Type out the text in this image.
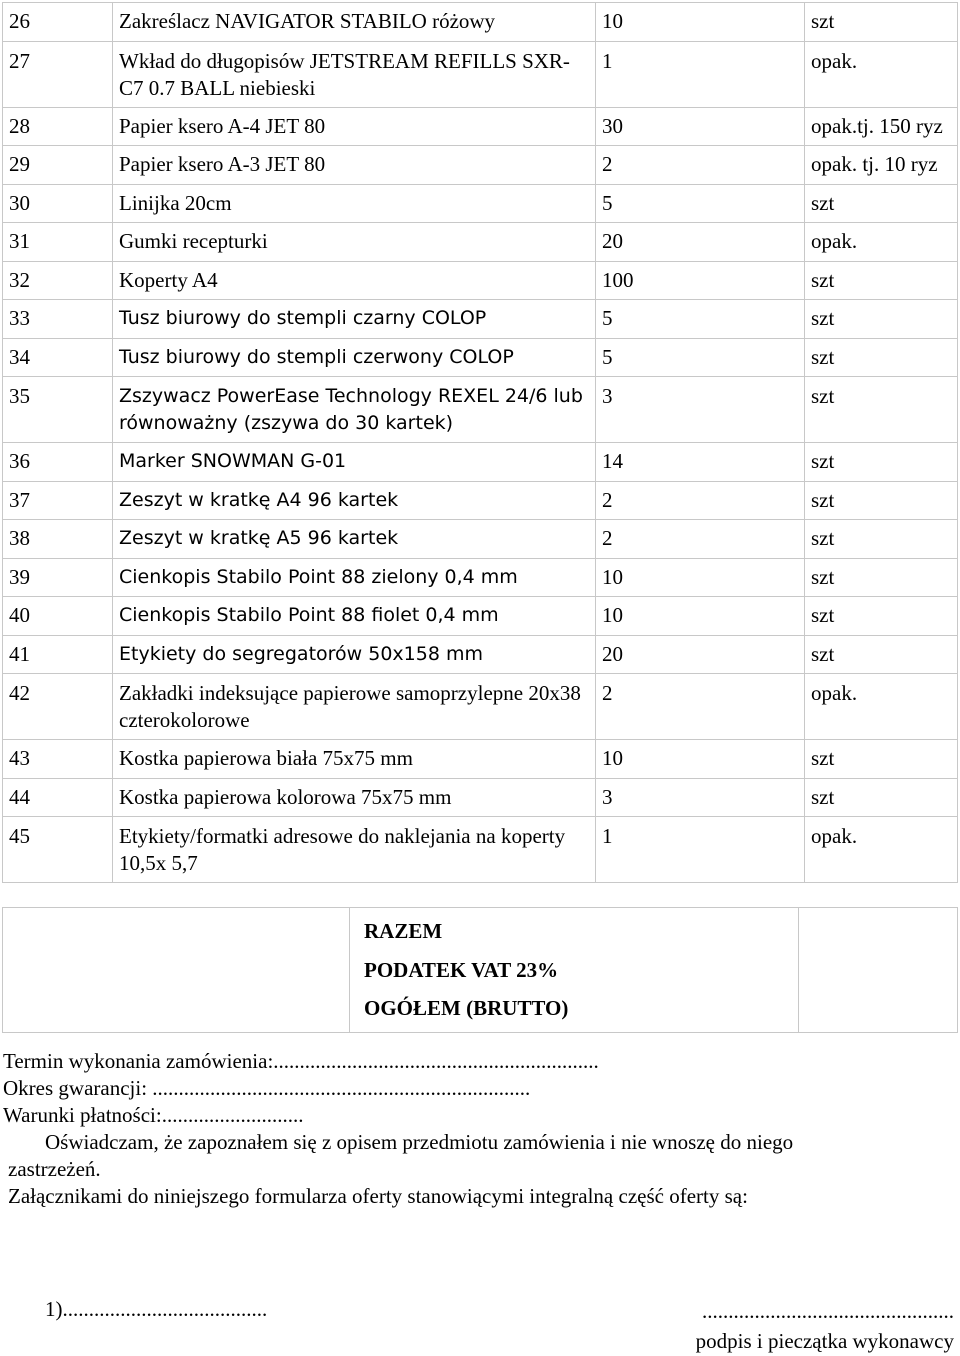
26	Zakreślacz NAVIGATOR STABILO różowy	10	szt
27	Wkład do długopisów JETSTREAM REFILLS SXR-C7 0.7 BALL niebieski	1	opak.
28	Papier ksero A-4 JET 80	30	opak.tj. 150 ryz
29	Papier ksero A-3 JET 80	2	opak. tj. 10 ryz
30	Linijka 20cm	5	szt
31	Gumki recepturki	20	opak.
32	Koperty A4	100	szt
33	Tusz biurowy do stempli czarny COLOP	5	szt
34	Tusz biurowy do stempli czerwony COLOP	5	szt
35	Zszywacz PowerEase Technology REXEL 24/6 lub równoważny (zszywa do 30 kartek)	3	szt
36	Marker SNOWMAN G-01	14	szt
37	Zeszyt w kratkę A4 96 kartek	2	szt
38	Zeszyt w kratkę A5 96 kartek	2	szt
39	Cienkopis Stabilo Point 88 zielony 0,4 mm	10	szt
40	Cienkopis Stabilo Point 88 fiolet 0,4 mm	10	szt
41	Etykiety do segregatorów 50x158 mm	20	szt
42	Zakładki indeksujące papierowe samoprzylepne 20x38 czterokolorowe	2	opak.
43	Kostka papierowa biała 75x75 mm	10	szt
44	Kostka papierowa kolorowa 75x75 mm	3	szt
45	Etykiety/formatki adresowe do naklejania na koperty 10,5x 5,7	1	opak.

RAZEM
PODATEK VAT 23%
OGÓŁEM (BRUTTO)

Termin wykonania zamówienia:..............................................................
Okres gwarancji: ........................................................................
Warunki płatności:...........................
Oświadczam, że zapoznałem się z opisem przedmiotu zamówienia i nie wnoszę do niego
zastrzeżeń.
Załącznikami do niniejszego formularza oferty stanowiącymi integralną część oferty są:
1).......................................	................................................
podpis i pieczątka wykonawcy
